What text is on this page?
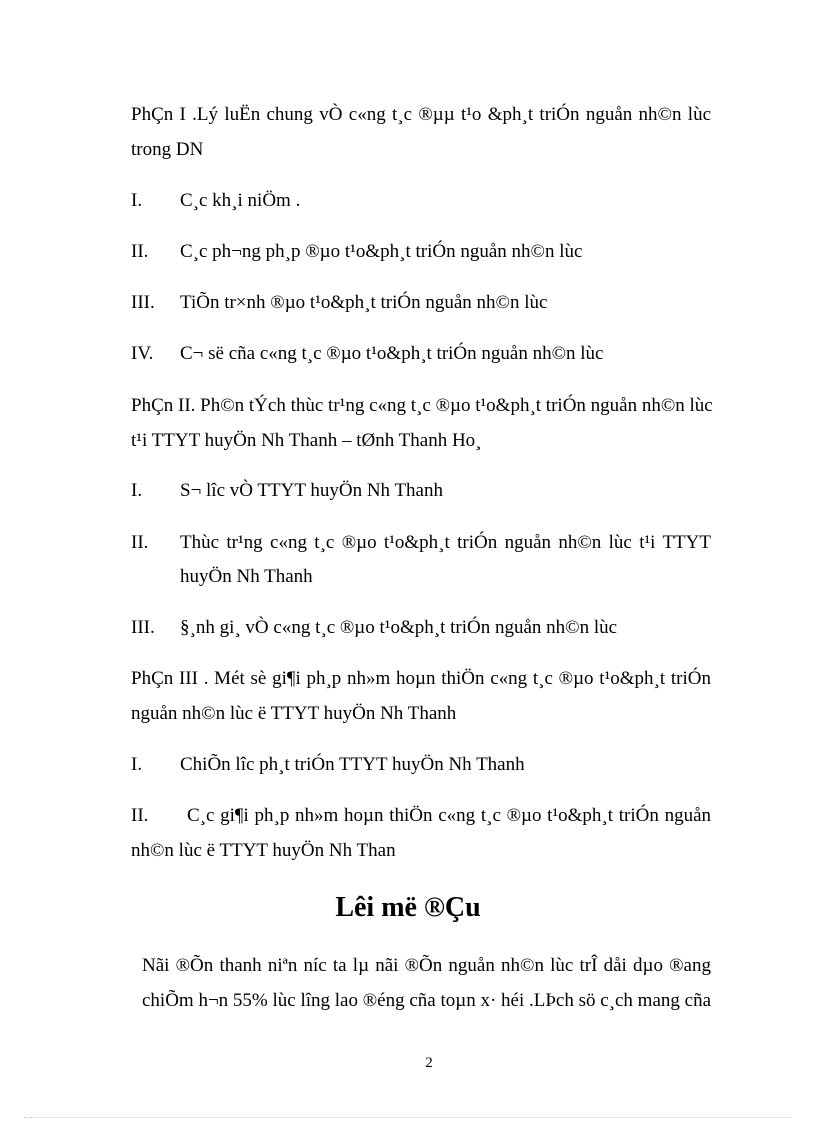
PhÇn I .Lý luËn chung vÒ c«ng t¸c ®µµ t¹o &ph¸t triÓn nguån nh©n lùc
trong DN
I. C¸c kh¸i niÖm .
II. C¸c ph¬ng ph¸p ®µo t¹o&ph¸t triÓn nguån nh©n lùc
III. TiÕn tr×nh ®µo t¹o&ph¸t triÓn nguån nh©n lùc
IV. C¬ së cña c«ng t¸c ®µo t¹o&ph¸t triÓn nguån nh©n lùc
PhÇn II. Ph©n tÝch thùc tr¹ng c«ng t¸c ®µo t¹o&ph¸t triÓn nguån nh©n lùc
t¹i TTYT huyÖn Nh Thanh – tØnh Thanh Ho¸
I. S¬ lîc vÒ TTYT huyÖn Nh Thanh
II. Thùc tr¹ng c«ng t¸c ®µo t¹o&ph¸t triÓn nguån nh©n lùc t¹i TTYT
huyÖn Nh Thanh
III. §¸nh gi¸ vÒ c«ng t¸c ®µo t¹o&ph¸t triÓn nguån nh©n lùc
PhÇn III . Mét sè gi¶i ph¸p nh»m hoµn thiÖn c«ng t¸c ®µo t¹o&ph¸t triÓn
nguån nh©n lùc ë TTYT huyÖn Nh Thanh
I. ChiÕn lîc ph¸t triÓn TTYT huyÖn Nh Thanh
II. C¸c gi¶i ph¸p nh»m hoµn thiÖn c«ng t¸c ®µo t¹o&ph¸t triÓn nguån
nh©n lùc ë TTYT huyÖn Nh Than
Lêi më ®Çu
Nãi ®Õn thanh niªn níc ta lµ nãi ®Õn nguån nh©n lùc trÎ dåi dµo ®ang
chiÕm h¬n 55% lùc lîng lao ®éng cña toµn x· héi .LÞch sö c¸ch mang cña
2
